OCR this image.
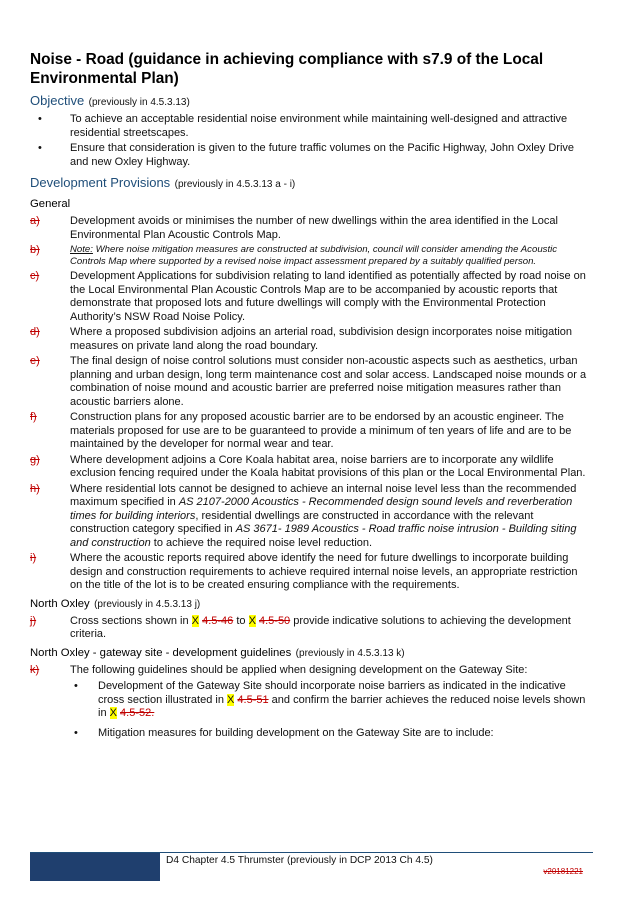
Noise - Road (guidance in achieving compliance with s7.9 of the Local Environmental Plan)
Objective (previously in 4.5.3.13)
•	To achieve an acceptable residential noise environment while maintaining well-designed and attractive residential streetscapes.
•	Ensure that consideration is given to the future traffic volumes on the Pacific Highway, John Oxley Drive and new Oxley Highway.
Development Provisions (previously in 4.5.3.13 a - i)
General
a)	Development avoids or minimises the number of new dwellings within the area identified in the Local Environmental Plan Acoustic Controls Map.
b)	Note: Where noise mitigation measures are constructed at subdivision, council will consider amending the Acoustic Controls Map where supported by a revised noise impact assessment prepared by a suitably qualified person.
c)	Development Applications for subdivision relating to land identified as potentially affected by road noise on the Local Environmental Plan Acoustic Controls Map are to be accompanied by acoustic reports that demonstrate that proposed lots and future dwellings will comply with the Environmental Protection Authority’s NSW Road Noise Policy.
d)	Where a proposed subdivision adjoins an arterial road, subdivision design incorporates noise mitigation measures on private land along the road boundary.
e)	The final design of noise control solutions must consider non-acoustic aspects such as aesthetics, urban planning and urban design, long term maintenance cost and solar access. Landscaped noise mounds or a combination of noise mound and acoustic barrier are preferred noise mitigation measures rather than acoustic barriers alone.
f)	Construction plans for any proposed acoustic barrier are to be endorsed by an acoustic engineer. The materials proposed for use are to be guaranteed to provide a minimum of ten years of life and are to be maintained by the developer for normal wear and tear.
g)	Where development adjoins a Core Koala habitat area, noise barriers are to incorporate any wildlife exclusion fencing required under the Koala habitat provisions of this plan or the Local Environmental Plan.
h)	Where residential lots cannot be designed to achieve an internal noise level less than the recommended maximum specified in AS 2107-2000 Acoustics - Recommended design sound levels and reverberation times for building interiors, residential dwellings are constructed in accordance with the relevant construction category specified in AS 3671- 1989 Acoustics - Road traffic noise intrusion - Building siting and construction to achieve the required noise level reduction.
i)	Where the acoustic reports required above identify the need for future dwellings to incorporate building design and construction requirements to achieve required internal noise levels, an appropriate restriction on the title of the lot is to be created ensuring compliance with the requirements.
North Oxley (previously in 4.5.3.13 j)
j)	Cross sections shown in X 4.5-46 to X 4.5-50 provide indicative solutions to achieving the development criteria.
North Oxley - gateway site - development guidelines (previously in 4.5.3.13 k)
k)	The following guidelines should be applied when designing development on the Gateway Site:
• Development of the Gateway Site should incorporate noise barriers as indicated in the indicative cross section illustrated in X 4.5-51 and confirm the barrier achieves the reduced noise levels shown in X 4.5-52.
• Mitigation measures for building development on the Gateway Site are to include:
D4 Chapter 4.5 Thrumster (previously in DCP 2013 Ch 4.5)
v20181221
